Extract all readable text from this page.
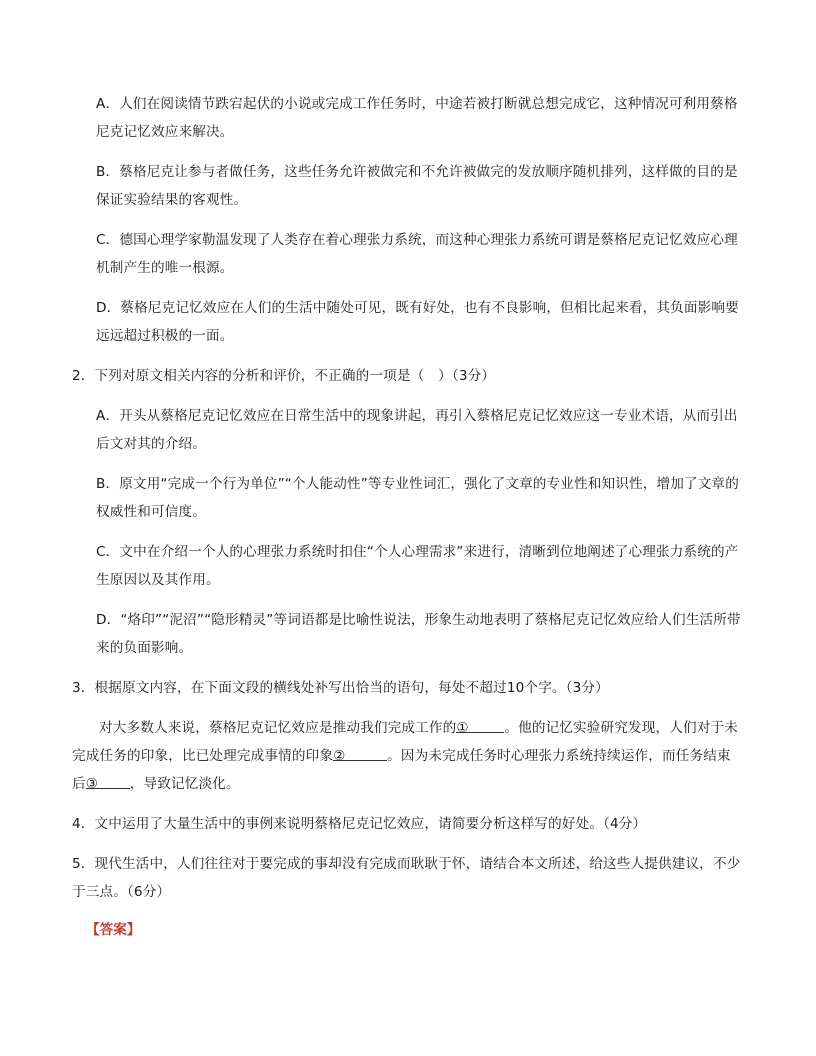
A．人们在阅读情节跌宕起伏的小说或完成工作任务时，中途若被打断就总想完成它，这种情况可利用蔡格尼克记忆效应来解决。
B．蔡格尼克让参与者做任务，这些任务允许被做完和不允许被做完的发放顺序随机排列，这样做的目的是保证实验结果的客观性。
C．德国心理学家勒温发现了人类存在着心理张力系统，而这种心理张力系统可谓是蔡格尼克记忆效应心理机制产生的唯一根源。
D．蔡格尼克记忆效应在人们的生活中随处可见，既有好处，也有不良影响，但相比起来看，其负面影响要远远超过积极的一面。
2．下列对原文相关内容的分析和评价，不正确的一项是（　）（3分）
A．开头从蔡格尼克记忆效应在日常生活中的现象讲起，再引入蔡格尼克记忆效应这一专业术语，从而引出后文对其的介绍。
B．原文用“完成一个行为单位”“个人能动性”等专业性词汇，强化了文章的专业性和知识性，增加了文章的权威性和可信度。
C．文中在介绍一个人的心理张力系统时扣住“个人心理需求”来进行，清晰到位地阐述了心理张力系统的产生原因以及其作用。
D．“烙印”“泥沼”“隐形精灵”等词语都是比喻性说法，形象生动地表明了蔡格尼克记忆效应给人们生活所带来的负面影响。
3．根据原文内容，在下面文段的横线处补写出恰当的语句，每处不超过10个字。（3分）
对大多数人来说，蔡格尼克记忆效应是推动我们完成工作的①	。他的记忆实验研究发现，人们对于未完成任务的印象，比已处理完成事情的印象②	。因为未完成任务时心理张力系统持续运作，而任务结束后③ ，导致记忆淡化。
4．文中运用了大量生活中的事例来说明蔡格尼克记忆效应，请简要分析这样写的好处。（4分）
5．现代生活中，人们往往对于要完成的事却没有完成而耿耿于怀，请结合本文所述，给这些人提供建议，不少于三点。（6分）
【答案】
